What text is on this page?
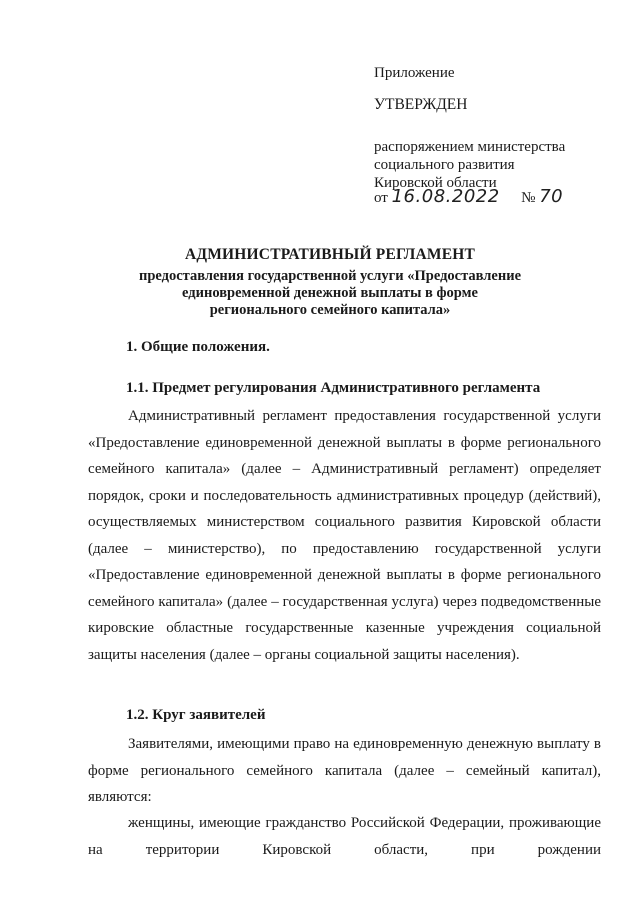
Приложение
УТВЕРЖДЕН
распоряжением министерства
социального развития
Кировской области
от 16.08.2022 № 70
АДМИНИСТРАТИВНЫЙ РЕГЛАМЕНТ
предоставления государственной услуги «Предоставление
единовременной денежной выплаты в форме
регионального семейного капитала»
1. Общие положения.
1.1. Предмет регулирования Административного регламента
Административный регламент предоставления государственной услуги «Предоставление единовременной денежной выплаты в форме регионального семейного капитала» (далее – Административный регламент) определяет порядок, сроки и последовательность административных процедур (действий), осуществляемых министерством социального развития Кировской области (далее – министерство), по предоставлению государственной услуги «Предоставление единовременной денежной выплаты в форме регионального семейного капитала» (далее – государственная услуга) через подведомственные кировские областные государственные казенные учреждения социальной защиты населения (далее – органы социальной защиты населения).
1.2. Круг заявителей
Заявителями, имеющими право на единовременную денежную выплату в форме регионального семейного капитала (далее – семейный капитал), являются:
женщины, имеющие гражданство Российской Федерации, проживающие на территории Кировской области, при рождении
